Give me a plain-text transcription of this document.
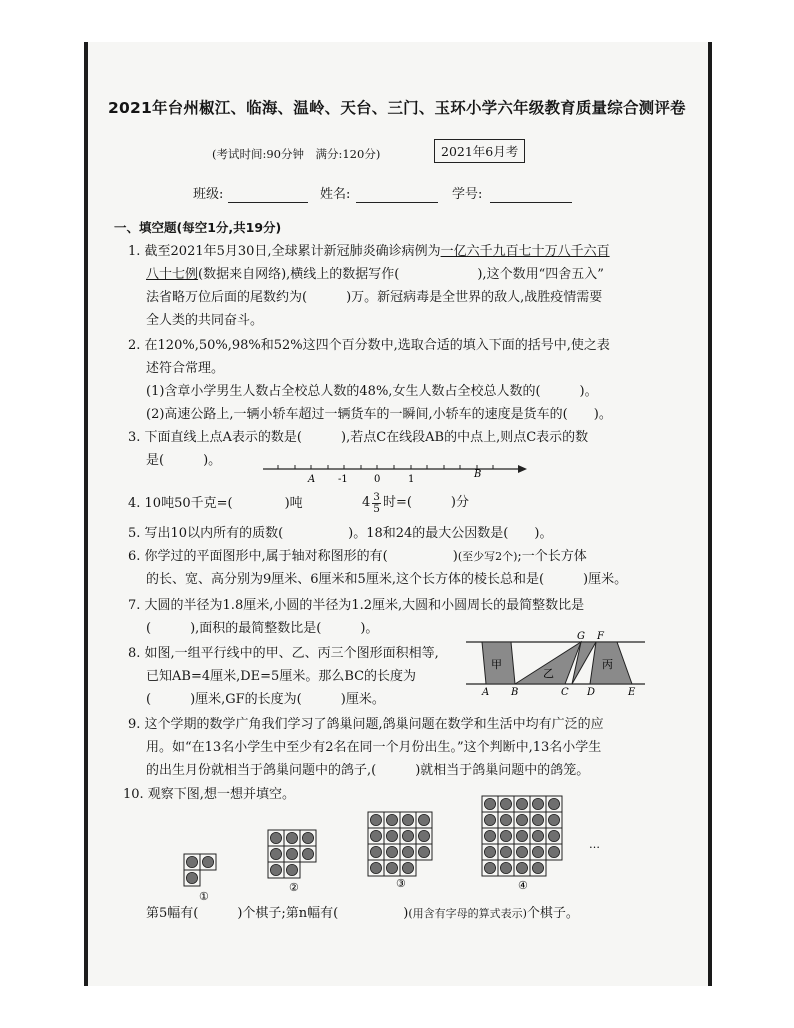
2021年台州椒江、临海、温岭、天台、三门、玉环小学六年级教育质量综合测评卷
(考试时间:90分钟　满分:120分)	2021年6月考
班级:	姓名:	学号:
一、填空题(每空1分,共19分)
1. 截至2021年5月30日,全球累计新冠肺炎确诊病例为一亿六千九百七十万八千六百
八十七例(数据来自网络),横线上的数据写作(　　　　　　),这个数用“四舍五入”
法省略万位后面的尾数约为(　　　)万。新冠病毒是全世界的敌人,战胜疫情需要
全人类的共同奋斗。
2. 在120%,50%,98%和52%这四个百分数中,选取合适的填入下面的括号中,使之表
述符合常理。
(1)含章小学男生人数占全校总人数的48%,女生人数占全校总人数的(　　　)。
(2)高速公路上,一辆小轿车超过一辆货车的一瞬间,小轿车的速度是货车的(　　)。
3. 下面直线上点A表示的数是(　　　),若点C在线段AB的中点上,则点C表示的数
是(　　　)。
A -1	0	1	B
4. 10吨50千克=(　　　　)吨	$4 \frac{3}{5}$ 时=(　　　)分
5. 写出10以内所有的质数(　　　　　)。18和24的最大公因数是(　　)。
6. 你学过的平面图形中,属于轴对称图形的有(　　　　　)(至少写2个);一个长方体
的长、宽、高分别为9厘米、6厘米和5厘米,这个长方体的棱长总和是(　　　)厘米。
7. 大圆的半径为1.8厘米,小圆的半径为1.2厘米,大圆和小圆周长的最简整数比是
(　　　),面积的最简整数比是(　　　)。
8. 如图,一组平行线中的甲、乙、丙三个图形面积相等,
已知AB=4厘米,DE=5厘米。那么BC的长度为
(　　　)厘米,GF的长度为(　　　)厘米。
G F
甲
乙
丙
A B	C D	E
9. 这个学期的数学广角我们学习了鸽巢问题,鸽巢问题在数学和生活中均有广泛的应
用。如“在13名小学生中至少有2名在同一个月份出生。”这个判断中,13名小学生
的出生月份就相当于鸽巢问题中的鸽子,(　　　)就相当于鸽巢问题中的鸽笼。
10. 观察下图,想一想并填空。
①
②	③	④
…
第5幅有(　　　)个棋子;第n幅有(　　　　　)(用含有字母的算式表示)个棋子。
